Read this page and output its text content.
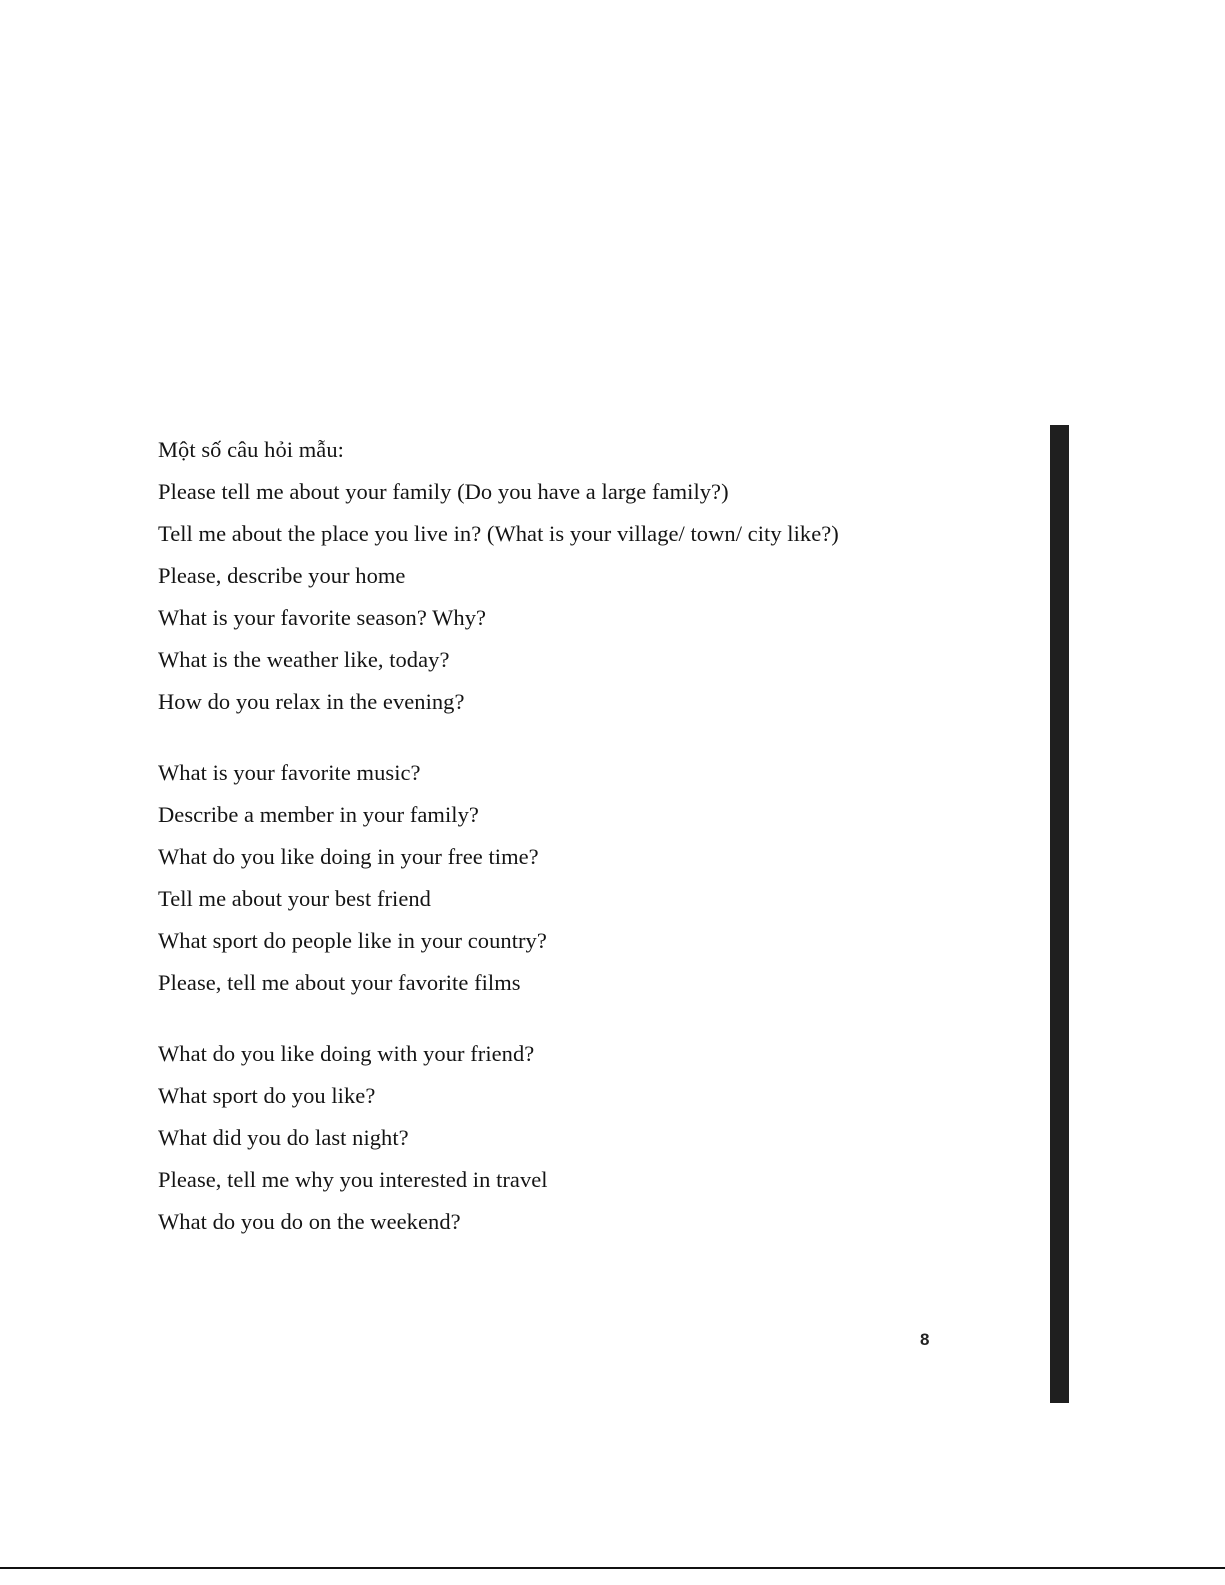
Một số câu hỏi mẫu:
Please tell me about your family (Do you have a large family?)
Tell me about the place you live in? (What is your village/ town/ city like?)
Please, describe your home
What is your favorite season? Why?
What is the weather like, today?
How do you relax in the evening?
What is your favorite music?
Describe a member in your family?
What do you like doing in your free time?
Tell me about your best friend
What sport do people like in your country?
Please, tell me about your favorite films
What do you like doing with your friend?
What sport do you like?
What did you do last night?
Please, tell me why you interested in travel
What do you do on the weekend?
8
